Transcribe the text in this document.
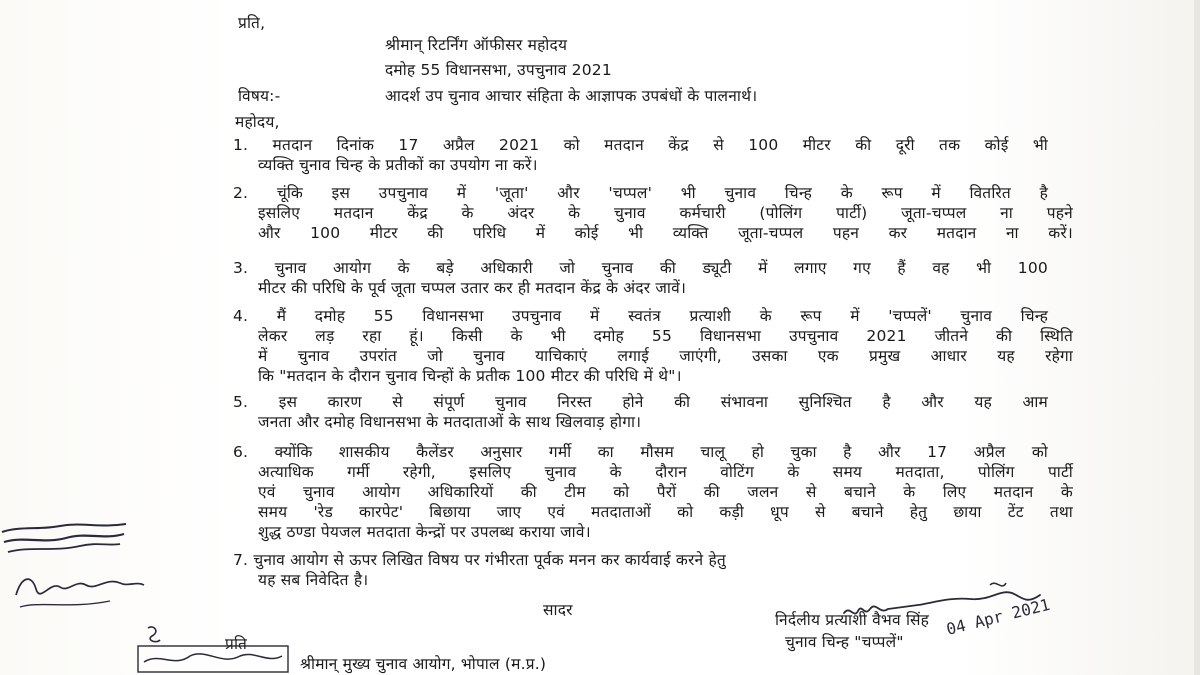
प्रति,
श्रीमान् रिटर्निंग ऑफीसर महोदय
दमोह 55 विधानसभा, उपचुनाव 2021
विषय:-	आदर्श उप चुनाव आचार संहिता के आज्ञापक उपबंधों के पालनार्थ।
महोदय,
1. मतदान दिनांक 17 अप्रैल 2021 को मतदान केंद्र से 100 मीटर की दूरी तक कोई भी
व्यक्ति चुनाव चिन्ह के प्रतीकों का उपयोग ना करें।
2. चूंकि इस उपचुनाव में 'जूता' और 'चप्पल' भी चुनाव चिन्ह के रूप में वितरित है
इसलिए मतदान केंद्र के अंदर के चुनाव कर्मचारी (पोलिंग पार्टी) जूता-चप्पल ना पहने
और 100 मीटर की परिधि में कोई भी व्यक्ति जूता-चप्पल पहन कर मतदान ना करें।
3. चुनाव आयोग के बड़े अधिकारी जो चुनाव की ड्यूटी में लगाए गए हैं वह भी 100
मीटर की परिधि के पूर्व जूता चप्पल उतार कर ही मतदान केंद्र के अंदर जावें।
4. मैं दमोह 55 विधानसभा उपचुनाव में स्वतंत्र प्रत्याशी के रूप में 'चप्पलें' चुनाव चिन्ह
लेकर लड़ रहा हूं। किसी के भी दमोह 55 विधानसभा उपचुनाव 2021 जीतने की स्थिति
में चुनाव उपरांत जो चुनाव याचिकाएं लगाई जाएंगी, उसका एक प्रमुख आधार यह रहेगा
कि "मतदान के दौरान चुनाव चिन्हों के प्रतीक 100 मीटर की परिधि में थे"।
5. इस कारण से संपूर्ण चुनाव निरस्त होने की संभावना सुनिश्चित है और यह आम
जनता और दमोह विधानसभा के मतदाताओं के साथ खिलवाड़ होगा।
6. क्योंकि शासकीय कैलेंडर अनुसार गर्मी का मौसम चालू हो चुका है और 17 अप्रैल को
अत्याधिक गर्मी रहेगी, इसलिए चुनाव के दौरान वोटिंग के समय मतदाता, पोलिंग पार्टी
एवं चुनाव आयोग अधिकारियों की टीम को पैरों की जलन से बचाने के लिए मतदान के
समय 'रेड कारपेट' बिछाया जाए एवं मतदाताओं को कड़ी धूप से बचाने हेतु छाया टेंट तथा
शुद्ध ठण्डा पेयजल मतदाता केन्द्रों पर उपलब्ध कराया जावे।
7. चुनाव आयोग से ऊपर लिखित विषय पर गंभीरता पूर्वक मनन कर कार्यवाई करने हेतु
यह सब निवेदित है।
सादर
निर्दलीय प्रत्याशी वैभव सिंह
चुनाव चिन्ह "चप्पलें"
प्रति
श्रीमान् मुख्य चुनाव आयोग, भोपाल (म.प्र.)
04 Apr 2021
